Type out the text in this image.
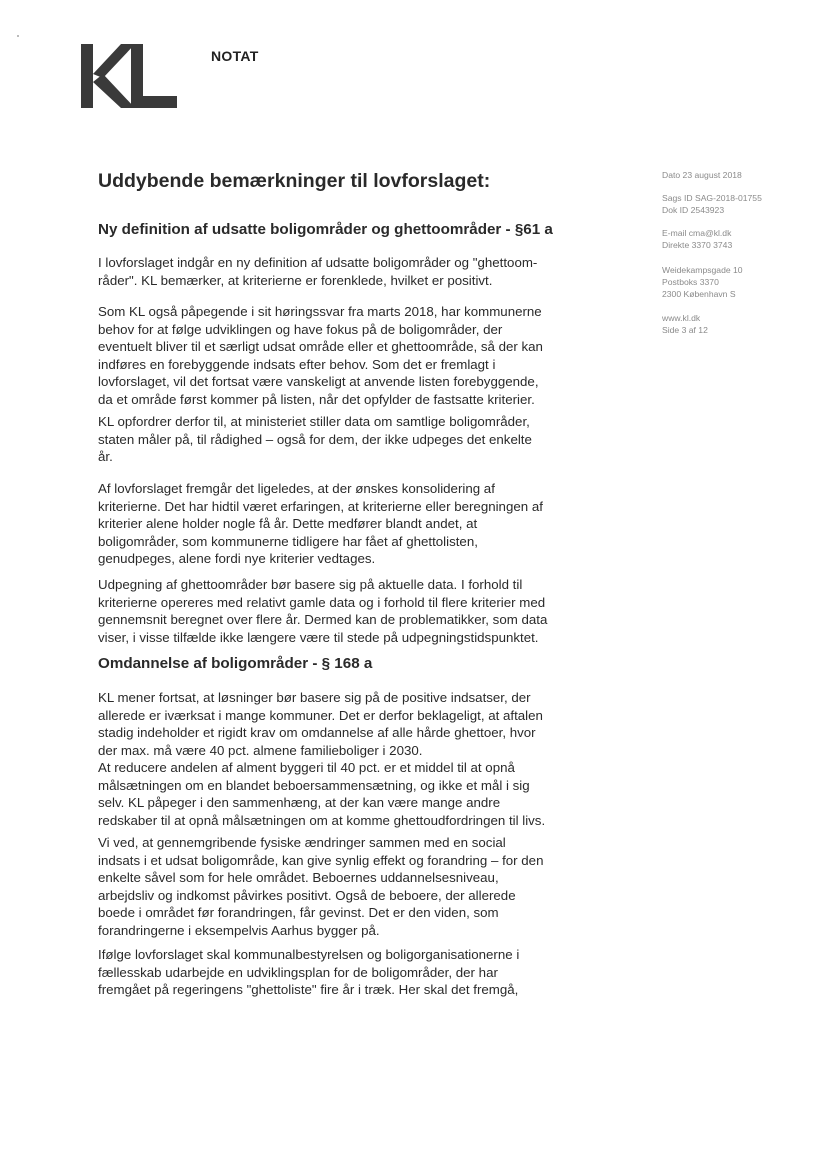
NOTAT
Uddybende bemærkninger til lovforslaget:
Ny definition af udsatte boligområder og ghettoområder - §61 a

I lovforslaget indgår en ny definition af udsatte boligområder og "ghettoom-
råder". KL bemærker, at kriterierne er forenklede, hvilket er positivt.

Som KL også påpegende i sit høringssvar fra marts 2018, har kommunerne
behov for at følge udviklingen og have fokus på de boligområder, der
eventuelt bliver til et særligt udsat område eller et ghettoområde, så der kan
indføres en forebyggende indsats efter behov. Som det er fremlagt i
lovforslaget, vil det fortsat være vanskeligt at anvende listen forebyggende,
da et område først kommer på listen, når det opfylder de fastsatte kriterier.

KL opfordrer derfor til, at ministeriet stiller data om samtlige boligområder,
staten måler på, til rådighed – også for dem, der ikke udpeges det enkelte
år.

Af lovforslaget fremgår det ligeledes, at der ønskes konsolidering af
kriterierne. Det har hidtil været erfaringen, at kriterierne eller beregningen af
kriterier alene holder nogle få år. Dette medfører blandt andet, at
boligområder, som kommunerne tidligere har fået af ghettolisten,
genudpeges, alene fordi nye kriterier vedtages.

Udpegning af ghettoområder bør basere sig på aktuelle data. I forhold til
kriterierne opereres med relativt gamle data og i forhold til flere kriterier med
gennemsnit beregnet over flere år. Dermed kan de problematikker, som data
viser, i visse tilfælde ikke længere være til stede på udpegningstidspunktet.

Omdannelse af boligområder - § 168 a

KL mener fortsat, at løsninger bør basere sig på de positive indsatser, der
allerede er iværksat i mange kommuner. Det er derfor beklageligt, at aftalen
stadig indeholder et rigidt krav om omdannelse af alle hårde ghettoer, hvor
der max. må være 40 pct. almene familieboliger i 2030.
At reducere andelen af alment byggeri til 40 pct. er et middel til at opnå
målsætningen om en blandet beboersammensætning, og ikke et mål i sig
selv. KL påpeger i den sammenhæng, at der kan være mange andre
redskaber til at opnå målsætningen om at komme ghettoudfordringen til livs.

Vi ved, at gennemgribende fysiske ændringer sammen med en social
indsats i et udsat boligområde, kan give synlig effekt og forandring – for den
enkelte såvel som for hele området. Beboernes uddannelsesniveau,
arbejdsliv og indkomst påvirkes positivt. Også de beboere, der allerede
boede i området før forandringen, får gevinst. Det er den viden, som
forandringerne i eksempelvis Aarhus bygger på.

Ifølge lovforslaget skal kommunalbestyrelsen og boligorganisationerne i
fællesskab udarbejde en udviklingsplan for de boligområder, der har
fremgået på regeringens "ghettoliste" fire år i træk. Her skal det fremgå,

Dato 23 august 2018
Sags ID SAG-2018-01755
Dok ID 2543923
E-mail cma@kl.dk
Direkte 3370 3743
Weidekampsgade 10
Postboks 3370
2300 København S
www.kl.dk
Side 3 af 12
